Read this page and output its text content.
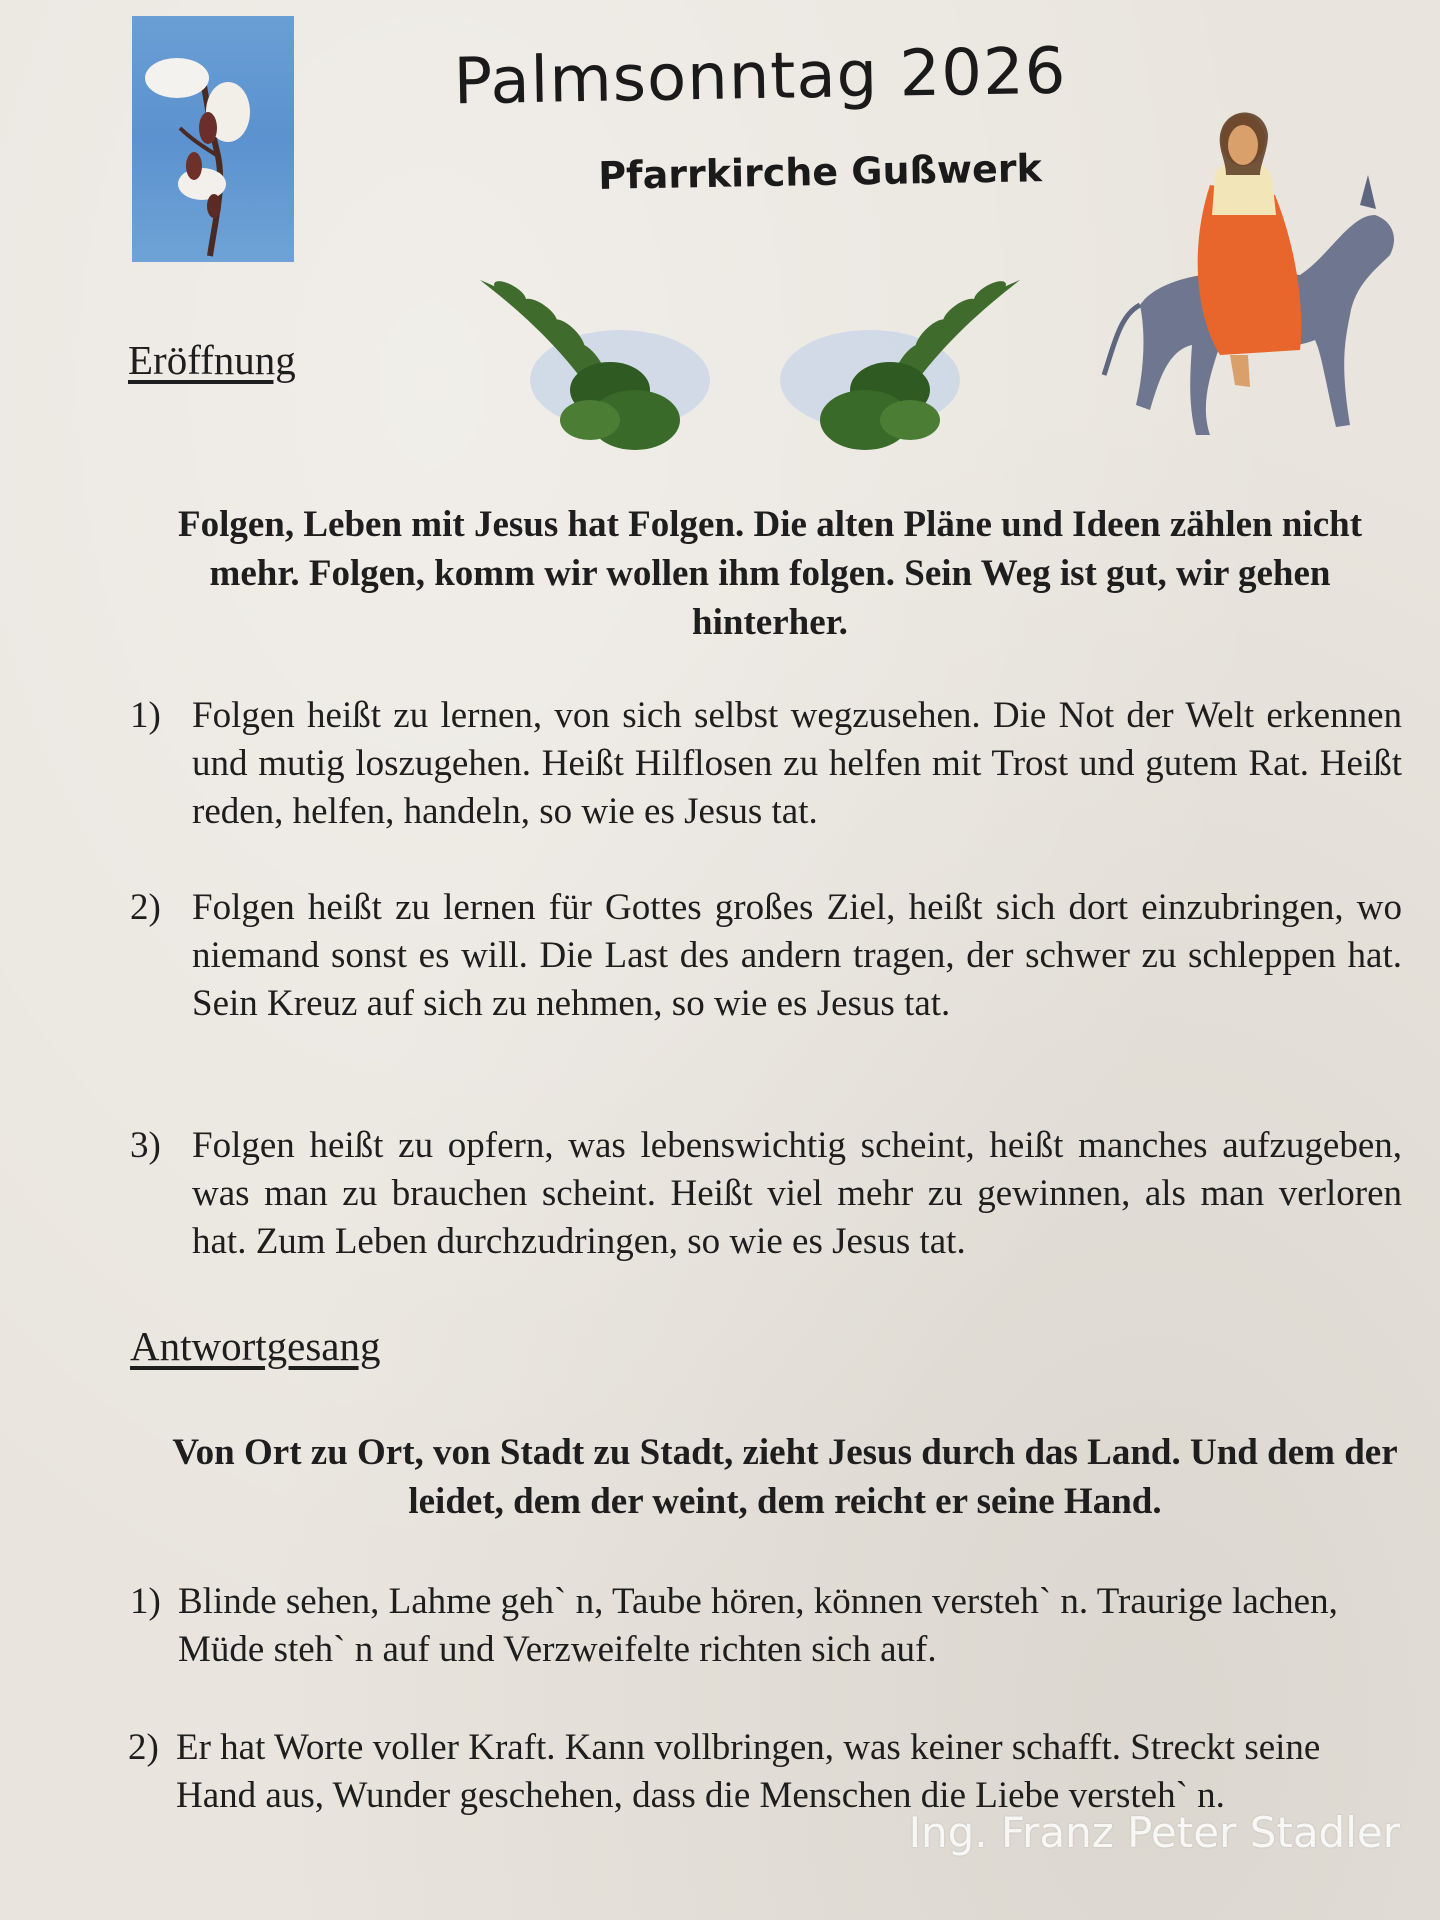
Palmsonntag 2026
Pfarrkirche Gußwerk
Eröffnung

Folgen, Leben mit Jesus hat Folgen. Die alten Pläne und Ideen zählen nicht mehr. Folgen, komm wir wollen ihm folgen. Sein Weg ist gut, wir gehen hinterher.

1) Folgen heißt zu lernen, von sich selbst wegzusehen. Die Not der Welt erkennen und mutig loszugehen. Heißt Hilflosen zu helfen mit Trost und gutem Rat. Heißt reden, helfen, handeln, so wie es Jesus tat.
2) Folgen heißt zu lernen für Gottes großes Ziel, heißt sich dort einzubringen, wo niemand sonst es will. Die Last des andern tragen, der schwer zu schleppen hat. Sein Kreuz auf sich zu nehmen, so wie es Jesus tat.
3) Folgen heißt zu opfern, was lebenswichtig scheint, heißt manches aufzugeben, was man zu brauchen scheint. Heißt viel mehr zu gewinnen, als man verloren hat. Zum Leben durchzudringen, so wie es Jesus tat.
Antwortgesang

Von Ort zu Ort, von Stadt zu Stadt, zieht Jesus durch das Land. Und dem der leidet, dem der weint, dem reicht er seine Hand.

1) Blinde sehen, Lahme geh` n, Taube hören, können versteh` n. Traurige lachen, Müde steh` n auf und Verzweifelte richten sich auf.
2) Er hat Worte voller Kraft. Kann vollbringen, was keiner schafft. Streckt seine Hand aus, Wunder geschehen, dass die Menschen die Liebe versteh` n.

Ing. Franz Peter Stadler
